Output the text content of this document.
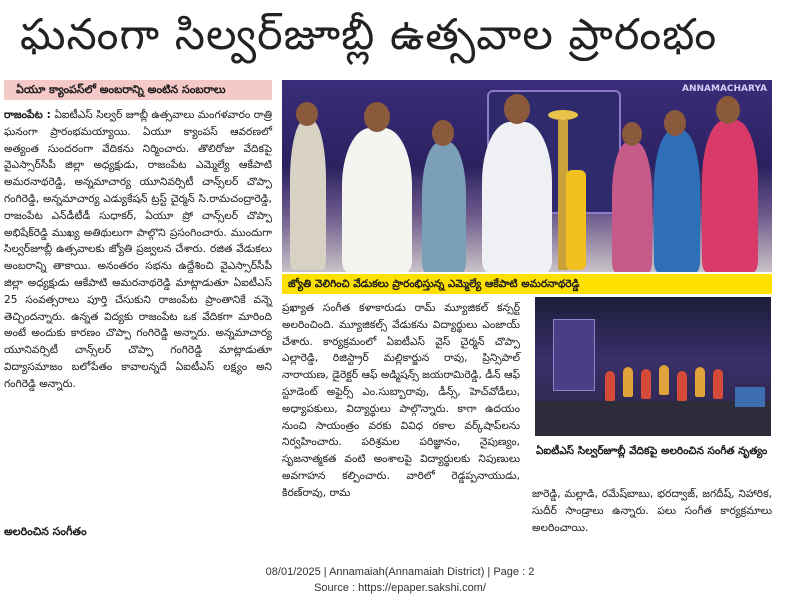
ఘనంగా సిల్వర్‌జూబ్లీ ఉత్సవాల ప్రారంభం
ఏయూ క్యాంపస్‌లో అంబరాన్ని అంటిన సంబరాలు

రాజంపేట : ఏఐటీఎస్ సిల్వర్ జూబ్లీ ఉత్సవాలు మంగళవారం రాత్రి ఘనంగా ప్రారంభమయ్యాయి. ఏయూ క్యాంపస్ ఆవరణలో అత్యంత సుందరంగా వేదికను నిర్మించారు. తొలిరోజు వేదికపై వైఎస్సార్‌సీపీ జిల్లా అధ్యక్షుడు, రాజంపేట ఎమ్మెల్యే ఆకేపాటి అమరనాథరెడ్డి, అన్నమాచార్య యూనివర్సిటీ చాన్స్‌లర్ చొప్పా గంగిరెడ్డి, అన్నమాచార్య ఎడ్యుకేషన్ ట్రస్ట్ చైర్మన్ సి.రామచంద్రారెడ్డి, రాజంపేట ఎన్‌డీటీడీ సుధాకర్, ఏయూ ప్రో చాన్స్‌లర్ చొప్పా అభిషేక్‌రెడ్డి ముఖ్య అతిథులుగా పాల్గొని ప్రసంగించారు. ముందుగా సిల్వర్‌జూబ్లీ ఉత్సవాలకు జ్యోతి ప్రజ్వలన చేశారు. రజిత వేడుకలు అంబరాన్ని తాకాయి. అనంతరం సభను ఉద్దేశించి వైఎస్సార్‌సీపీ జిల్లా అధ్యక్షుడు ఆకేపాటి అమరనాథరెడ్డి మాట్లాడుతూ ఏఐటీఎస్ 25 సంవత్సరాలు పూర్తి చేసుకుని రాజంపేట ప్రాంతానికే వన్నె తెచ్చిందన్నారు. ఉన్నత విద్యకు రాజంపేట ఒక వేదికగా మారింది అంటే అందుకు కారణం చొప్పా గంగిరెడ్డి అన్నారు. అన్నమాచార్య యూనివర్సిటీ చాన్స్‌లర్ చొప్పా గంగిరెడ్డి మాట్లాడుతూ విద్యాసమాజం బలోపేతం కావాలన్నదే ఏఐటీఎస్ లక్ష్యం అని గంగిరెడ్డి అన్నారు.

అలరించిన సంగీతం
ANNAMACHARYA
జ్యోతి వెలిగించి వేడుకలు ప్రారంభిస్తున్న ఎమ్మెల్యే ఆకేపాటి అమరనాథరెడ్డి
ఏఐటీఎస్ సిల్వర్‌జూబ్లీ వేదికపై అలరించిన సంగీత నృత్యం

ప్రఖ్యాత సంగీత కళాకారుడు రామ్ మ్యూజికల్ కన్సర్ట్ అలరించింది. మ్యూజికల్స్ వేడుకను విద్యార్థులు ఎంజాయ్ చేశారు. కార్యక్రమంలో ఏఐటీఎస్ వైస్ చైర్మన్ చొప్పా ఎల్లారెడ్డి, రిజిస్ట్రార్ మల్లికార్జున రావు, ప్రిన్సిపాల్ నారాయణ, డైరెక్టర్ ఆఫ్ అడ్మిషన్స్ జయరామిరెడ్డి, డీన్ ఆఫ్ స్టూడెంట్ అఫైర్స్ ఎం.సుబ్బారావు, డీన్స్, హెచ్‌వోడీలు, అధ్యాపకులు, విద్యార్థులు పాల్గొన్నారు. కాగా ఉదయం నుంచి సాయంత్రం వరకు వివిధ రకాల వర్క్‌షాప్‌లను నిర్వహించారు. పరిశ్రమల పరిజ్ఞానం, నైపుణ్యం, సృజనాత్మకత వంటి అంశాలపై విద్యార్థులకు నిపుణులు అవగాహన కల్పించారు. వారిలో రెడ్డప్పనాయుడు, కిరణ్‌రావు, రామ	జారెడ్డి, మల్లాడి, రమేష్‌బాబు, భరద్వాజ్, జగదీష్, నిహారిక, సుదీర్ సాండ్రాలు ఉన్నారు. పలు సంగీత కార్యక్రమాలు అలరించాయి.

08/01/2025 | Annamaiah(Annamaiah District) | Page : 2
Source : https://epaper.sakshi.com/
